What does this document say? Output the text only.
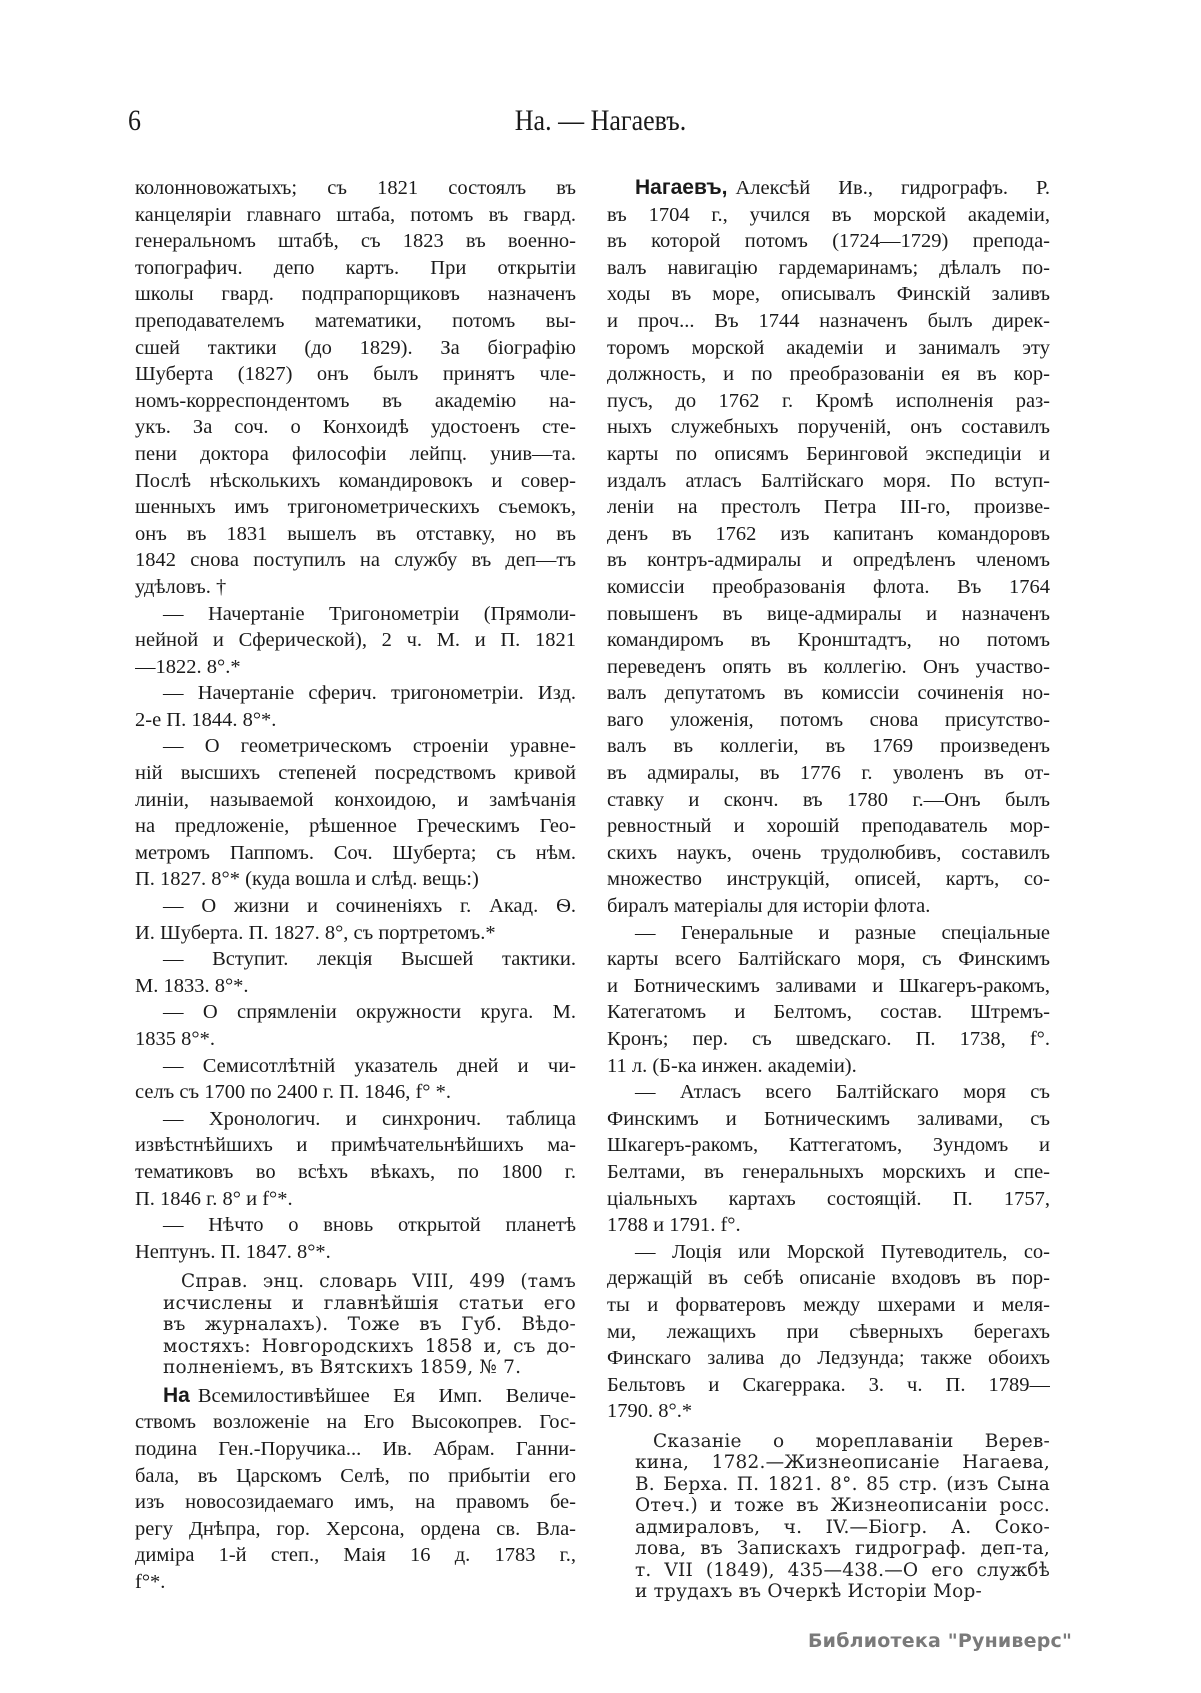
6	На. — Нагаевъ.
колонновожатыхъ; съ 1821 состоялъ въ
канцеляріи главнаго штаба, потомъ въ гвард.
генеральномъ штабѣ, съ 1823 въ военно-
топографич. депо картъ. При открытіи
школы гвард. подпрапорщиковъ назначенъ
преподавателемъ математики, потомъ вы-
сшей тактики (до 1829). За біографію
Шуберта (1827) онъ былъ принятъ чле-
номъ-корреспондентомъ въ академію на-
укъ. За соч. о Конхоидѣ удостоенъ сте-
пени доктора философіи лейпц. унив—та.
Послѣ нѣсколькихъ командировокъ и совер-
шенныхъ имъ тригонометрическихъ съемокъ,
онъ въ 1831 вышелъ въ отставку, но въ
1842 снова поступилъ на службу въ деп—тъ
удѣловъ. †
— Начертаніе Тригонометріи (Прямоли-
нейной и Сферической), 2 ч. М. и П. 1821
—1822. 8°.*
— Начертаніе сферич. тригонометріи. Изд.
2-е П. 1844. 8°*.
— О геометрическомъ строеніи уравне-
ній высшихъ степеней посредствомъ кривой
линіи, называемой конхоидою, и замѣчанія
на предложеніе, рѣшенное Греческимъ Гео-
метромъ Паппомъ. Соч. Шуберта; съ нѣм.
П. 1827. 8°* (куда вошла и слѣд. вещь:)
— О жизни и сочиненіяхъ г. Акад. Ѳ.
И. Шуберта. П. 1827. 8°, съ портретомъ.*
— Вступит. лекція Высшей тактики.
М. 1833. 8°*.
— О спрямленіи окружности круга. М.
1835 8°*.
— Семисотлѣтній указатель дней и чи-
селъ съ 1700 по 2400 г. П. 1846, f° *.
— Хронологич. и синхронич. таблица
извѣстнѣйшихъ и примѣчательнѣйшихъ ма-
тематиковъ во всѣхъ вѣкахъ, по 1800 г.
П. 1846 г. 8° и f°*.
— Нѣчто о вновь открытой планетѣ
Нептунъ. П. 1847. 8°*.
Справ. энц. словарь VIII, 499 (тамъ
исчислены и главнѣйшія статьи его
въ журналахъ). Тоже въ Губ. Вѣдо-
мостяхъ: Новгородскихъ 1858 и, съ до-
полненіемъ, въ Вятскихъ 1859, № 7.
На Всемилостивѣйшее Ея Имп. Величе-
ствомъ возложеніе на Его Высокопрев. Гос-
подина Ген.-Поручика... Ив. Абрам. Ганни-
бала, въ Царскомъ Селѣ, по прибытіи его
изъ новосозидаемаго имъ, на правомъ бе-
регу Днѣпра, гор. Херсона, ордена св. Вла-
диміра 1-й степ., Маія 16 д. 1783 г.,
f°*.
Нагаевъ, Алексѣй Ив., гидрографъ. Р.
въ 1704 г., учился въ морской академіи,
въ которой потомъ (1724—1729) препода-
валъ навигацію гардемаринамъ; дѣлалъ по-
ходы въ море, описывалъ Финскій заливъ
и проч... Въ 1744 назначенъ былъ дирек-
торомъ морской академіи и занималъ эту
должность, и по преобразованіи ея въ кор-
пусъ, до 1762 г. Кромѣ исполненія раз-
ныхъ служебныхъ порученій, онъ составилъ
карты по описямъ Беринговой экспедиціи и
издалъ атласъ Балтійскаго моря. По вступ-
леніи на престолъ Петра III-го, произве-
денъ въ 1762 изъ капитанъ командоровъ
въ контръ-адмиралы и опредѣленъ членомъ
комиссіи преобразованія флота. Въ 1764
повышенъ въ вице-адмиралы и назначенъ
командиромъ въ Кронштадтъ, но потомъ
переведенъ опять въ коллегію. Онъ участво-
валъ депутатомъ въ комиссіи сочиненія но-
ваго уложенія, потомъ снова присутство-
валъ въ коллегіи, въ 1769 произведенъ
въ адмиралы, въ 1776 г. уволенъ въ от-
ставку и сконч. въ 1780 г.—Онъ былъ
ревностный и хорошій преподаватель мор-
скихъ наукъ, очень трудолюбивъ, составилъ
множество инструкцій, описей, картъ, со-
биралъ матеріалы для исторіи флота.
— Генеральные и разные спеціальные
карты всего Балтійскаго моря, съ Финскимъ
и Ботническимъ заливами и Шкагеръ-ракомъ,
Категатомъ и Белтомъ, состав. Штремъ-
Кронъ; пер. съ шведскаго. П. 1738, f°.
11 л. (Б-ка инжен. академіи).
— Атласъ всего Балтійскаго моря съ
Финскимъ и Ботническимъ заливами, съ
Шкагеръ-ракомъ, Каттегатомъ, Зундомъ и
Белтами, въ генеральныхъ морскихъ и спе-
ціальныхъ картахъ состоящій. П. 1757,
1788 и 1791. f°.
— Лоція или Морской Путеводитель, со-
держащій въ себѣ описаніе входовъ въ пор-
ты и форватеровъ между шхерами и меля-
ми, лежащихъ при сѣверныхъ берегахъ
Финскаго залива до Ледзунда; также обоихъ
Бельтовъ и Скагеррака. 3. ч. П. 1789—
1790. 8°.*
Сказаніе о мореплаваніи Верев-
кина, 1782.—Жизнеописаніе Нагаева,
В. Берха. П. 1821. 8°. 85 стр. (изъ Сына
Отеч.) и тоже въ Жизнеописаніи росс.
адмираловъ, ч. IV.—Біогр. А. Соко-
лова, въ Запискахъ гидрограф. деп-та,
т. VII (1849), 435—438.—О его службѣ
и трудахъ въ Очеркѣ Исторіи Мор-
Библиотека "Руниверс"
